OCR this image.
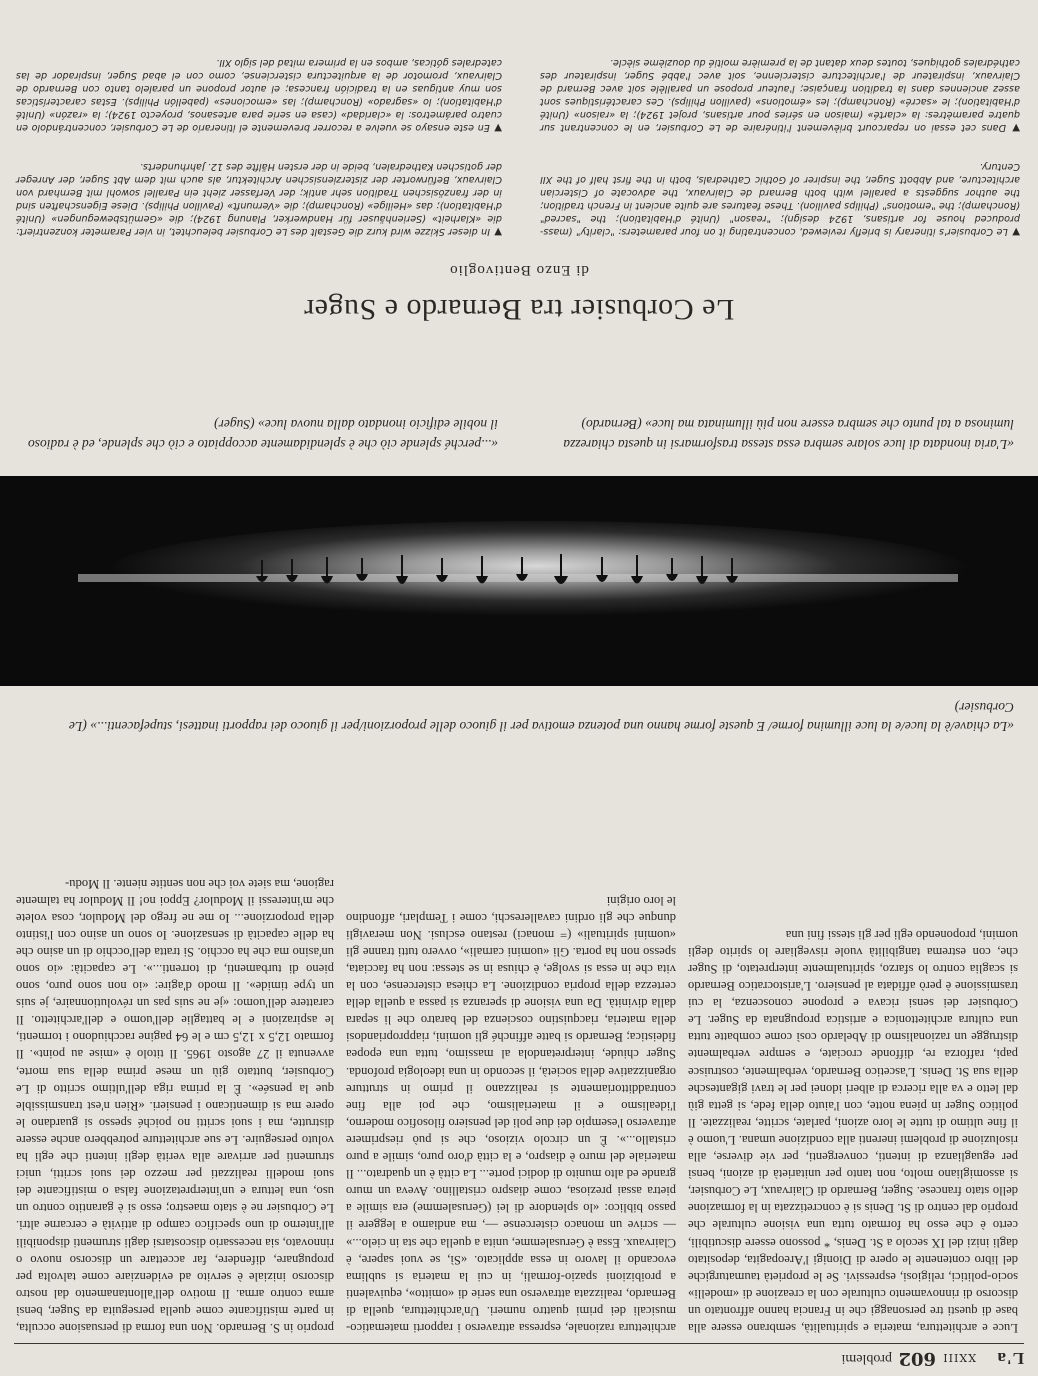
L'a
XXIII
602
problemi

Luce e architettura, materia e spiritualità, sembrano essere alla base di questi tre personaggi che in Francia hanno affrontato un discorso di rinnovamento culturale con la creazione di «modelli» socio-politici, religiosi, espressivi. Se le proprietà taumaturgiche del libro contenente le opere di Dionigi l'Areopagita, depositato dagli inizi del IX secolo a St. Denis, * possono essere discutibili, certo è che esso ha formato tutta una visione culturale che proprio dal centro di St. Denis si è concretizzata in la formazione dello stato francese. Suger, Bernardo di Clairvaux, Le Corbusier, si assomigliano molto, non tanto per unitarietà di azioni, bensì per eguaglianza di intenti, convergenti, per vie diverse, alla risoluzione di problemi inerenti alla condizione umana. L'uomo è il fine ultimo di tutte le loro azioni, parlate, scritte, realizzate. Il politico Suger in piena notte, con l'aiuto della fede, si getta giù dal letto e va alla ricerca di alberi idonei per le travi gigantesche della sua St. Denis. L'ascetico Bernardo, verbalmente, costruisce papi, rafforza re, diffonde crociate, e sempre verbalmente distrugge un razionalismo di Abelardo così come combatte tutta una cultura architettonica e artistica propugnata da Suger. Le Corbusier dei sensi ricava e propone conoscenza, la cui trasmissione è però affidata al pensiero. L'aristocratico Bernardo si scaglia contro lo sfarzo, spiritualmente interpretato, di Suger che, con estrema tangibilità vuole risvegliare lo spirito degli uomini, proponendo egli per gli stessi fini una

architettura razionale, espressa attraverso i rapporti matematico-musicali dei primi quattro numeri. Un'architettura, quella di Bernardo, realizzata attraverso una serie di «omitto», equivalenti a proibizioni spazio-formali, in cui la materia si sublima evocando il lavoro in essa applicato. «Sì, se vuoi sapere, è Clairvaux. Essa è Gerusalemme, unita a quella che sta in cielo...» — scrive un monaco cistercense —, ma andiamo a leggere il passo biblico: «lo splendore di lei (Gerusalemme) era simile a pietra assai preziosa, come diaspro cristallino. Aveva un muro grande ed alto munito di dodici porte... La città è un quadrato... Il materiale del muro è diaspro, e la città d'oro puro, simile a puro cristallo...». È un circolo vizioso, che si può riesprimere attraverso l'esempio dei due poli del pensiero filosofico moderno, l'idealismo e il materialismo, che poi alla fine contraddittoriamente si realizzano il primo in strutture organizzative della società, il secondo in una ideologia profonda. Suger chiude, interpretandola al massimo, tutta una epopea fideistica; Bernardo si batte affinché gli uomini, riappropriandosi della materia, riacquistino coscienza del baratro che li separa dalla divinità. Da una visione di speranza si passa a quella della certezza della propria condizione. La chiesa cistercense, con la vita che in essa si svolge, è chiusa in se stessa: non ha facciata, spesso non ha porta. Gli «uomini carnali», ovvero tutti tranne gli «uomini spirituali» (= monaci) restano esclusi. Non meravigli dunque che gli ordini cavallereschi, come i Templari, affondino le loro origini

proprio in S. Bernardo. Non una forma di persuasione occulta, in parte mistificante come quella perseguita da Suger, bensì arma contro arma. Il motivo dell'allontanamento dal nostro discorso iniziale è servito ad evidenziare come talvolta per propugnare, difendere, far accettare un discorso nuovo o rinnovato, sia necessario discostarsi dagli strumenti disponibili all'interno di uno specifico campo di attività e cercarne altri. Le Corbusier ne è stato maestro; esso si è garantito contro un uso, una lettura e un'interpretazione falsa o mistificante dei suoi modelli realizzati per mezzo dei suoi scritti, unici strumenti per arrivare alla verità degli intenti che egli ha voluto perseguire. Le sue architetture potrebbero anche essere distrutte, ma i suoi scritti no poiché spesso si guardano le opere ma si dimenticano i pensieri. «Rien n'est transmissible que la pensée». È la prima riga dell'ultimo scritto di Le Corbusier, buttato giù un mese prima della sua morte, avvenuta il 27 agosto 1965. Il titolo è «mise au point». Il formato 12,5 x 12,5 cm e le 64 pagine racchiudono i tormenti, le aspirazioni e le battaglie dell'uomo e dell'architetto. Il carattere dell'uomo: «je ne suis pas un révolutionnaire, je suis un type timide». Il modo d'agire: «io non sono puro, sono pieno di turbamenti, di torrenti...». Le capacità: «io sono un'asino ma che ha occhio. Si tratta dell'occhio di un asino che ha delle capacità di sensazione. Io sono un asino con l'istinto della proporzione... Io me ne frego del Modulor, cosa volete che m'interessi il Modulor? Eppoi no! Il Modulor ha talmente ragione, ma siete voi che non sentite niente. Il Modu-

«La chiave/è la luce/e la luce illumina forme/ E queste forme hanno una potenza emotiva per il giuoco delle proporzioni/per il giuoco dei rapporti inattesi, stupefacenti...» (Le Corbusier)
«L'aria inondata di luce solare sembra essa stessa trasformarsi in questa chiarezza luminosa a tal punto che sembra essere non più illuminata ma luce» (Bernardo)
«...perché splende ciò che è splendidamente accoppiato e ciò che splende, ed è radioso il nobile edificio inondato dalla nuova luce» (Suger)
Le Corbusier tra Bernardo e Suger
di Enzo Bentivoglio
▼Le Corbusier's itinerary is briefly reviewed, concentrating it on four parameters: "clarity" (mass-produced house for artisans, 1924 design); "reason" (Unité d'Habitation); the "sacred" (Ronchamp); the "emotions" (Philips pavilion). These features are quite ancient in French tradition; the author suggests a parallel with both Bernard de Clairvaux, the advocate of Cistercian architecture, and Abbott Suger, the inspirer of Gothic Cathedrals, both in the first half of the XII Century.
▼In dieser Skizze wird kurz die Gestalt des Le Corbusier beleuchtet, in vier Parameter konzentriert: die «Klarheit» (Serienhäuser für Handwerker, Planung 1924); die «Gemütsbewegungen» (Unité d'Habitation); das «Heilige» (Ronchamp); die «Vernunft» (Pavillon Philips). Diese Eigenschaften sind in der französischen Tradition sehr antik; der Verfasser zieht ein Parallel sowohl mit Bernhard von Clairvaux, Befürworter der zisterziensischen Architektur, als auch mit dem Abt Suger, der Anreger der gotischen Kathedralen, beide in der ersten Hälfte des 12. Jahrhunderts.
▼Dans cet essai on reparcourt brièvement l'itinéraire de Le Corbusier, en le concentrant sur quatre paramètres: la «clarté» (maison en séries pour artisans, projet 1924); la «raison» (Unité d'Habitation); le «sacré» (Ronchamp); les «émotions» (pavillon Philips). Ces caractéristiques sont assez anciennes dans la tradition française; l'auteur propose un parallèle soit avec Bernard de Clairvaux, inspirateur de l'architecture cistercienne, soit avec l'abbé Suger, inspirateur des cathédrales gothiques, toutes deux datant de la première moitié du douzième siècle.
▼En este ensayo se vuelve a recorrer brevemente el itinerario de Le Corbusier, concentrándolo en cuatro parámetros: la «claridad» (casa en serie para artesanos, proyecto 1924); la «razón» (Unité d'Habitation); lo «sagrado» (Ronchamp); las «emociones» (pabellón Philips). Estas características son muy antiguas en la tradición francesa; el autor propone un paralelo tanto con Bernardo de Clairvaux, promotor de la arquitectura cisterciense, como con el abad Suger, inspirador de las catedrales góticas, ambos en la primera mitad del siglo XII.
